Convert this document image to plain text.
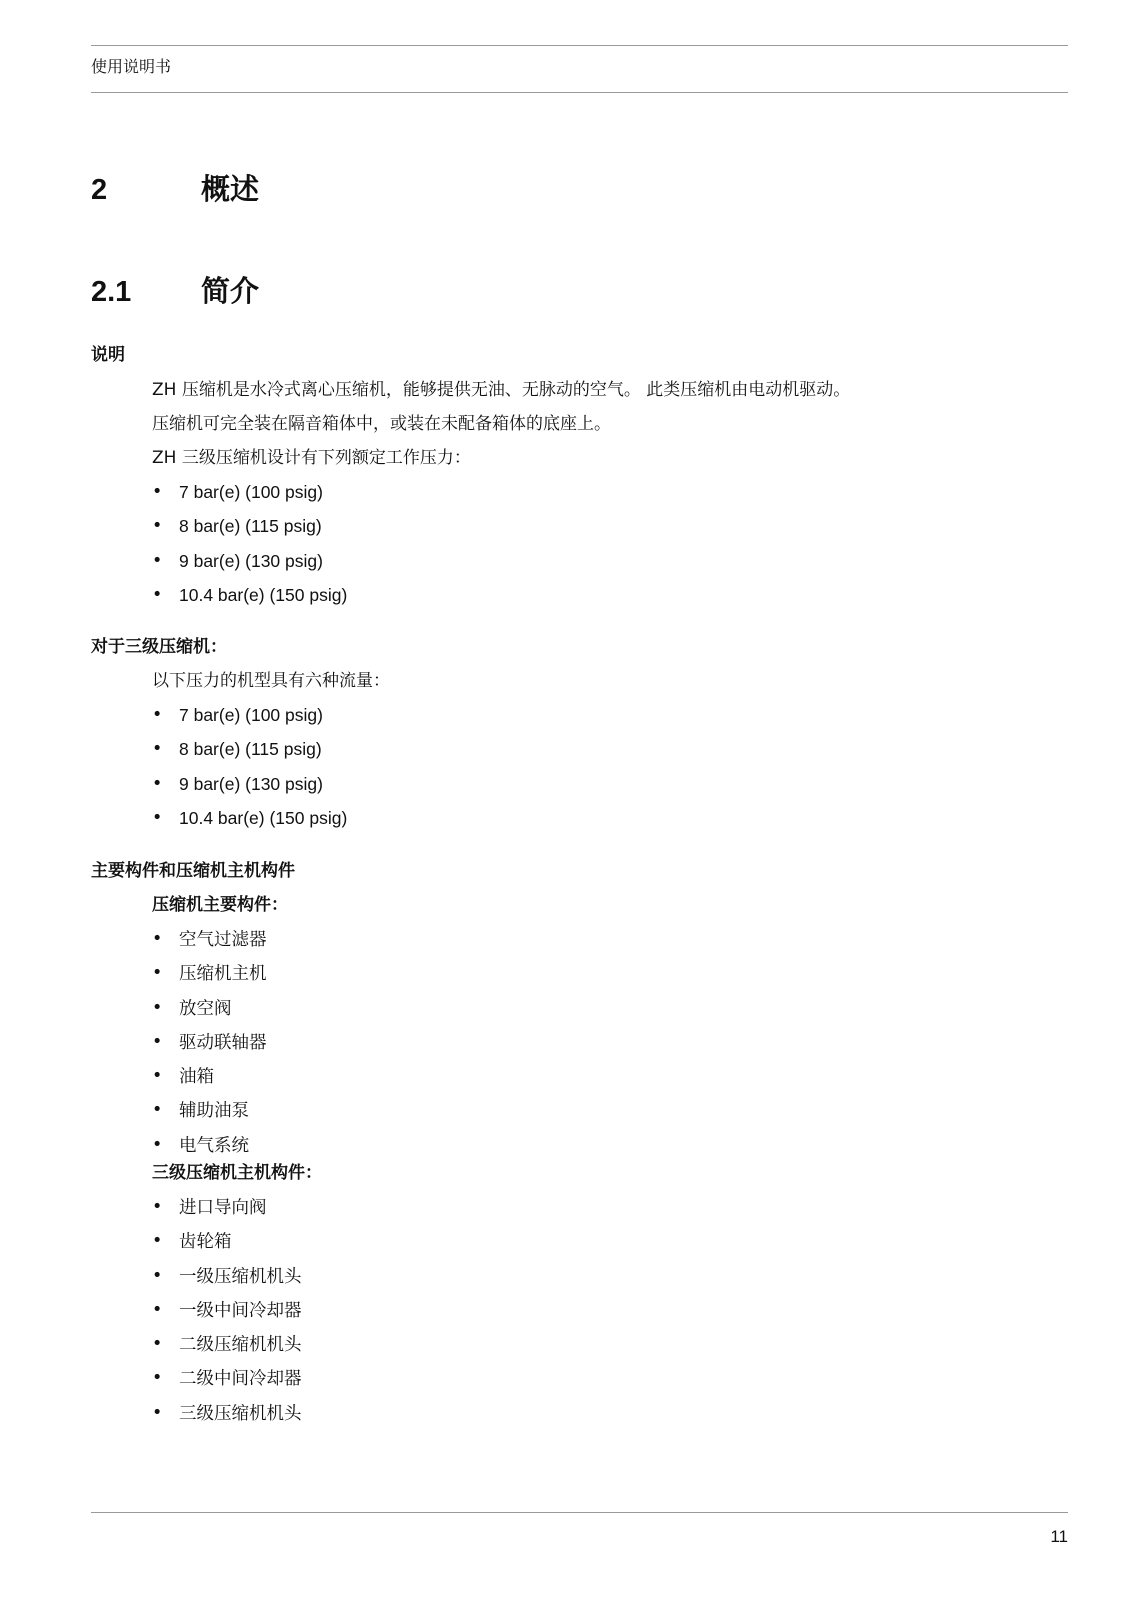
使用说明书
2	概述
2.1	简介
说明
ZH 压缩机是水冷式离心压缩机，能够提供无油、无脉动的空气。 此类压缩机由电动机驱动。
压缩机可完全装在隔音箱体中，或装在未配备箱体的底座上。
ZH 三级压缩机设计有下列额定工作压力：
• 7 bar(e) (100 psig)
• 8 bar(e) (115 psig)
• 9 bar(e) (130 psig)
• 10.4 bar(e) (150 psig)
对于三级压缩机：
以下压力的机型具有六种流量：
• 7 bar(e) (100 psig)
• 8 bar(e) (115 psig)
• 9 bar(e) (130 psig)
• 10.4 bar(e) (150 psig)
主要构件和压缩机主机构件
压缩机主要构件：
• 空气过滤器
• 压缩机主机
• 放空阀
• 驱动联轴器
• 油箱
• 辅助油泵
• 电气系统
三级压缩机主机构件：
• 进口导向阀
• 齿轮箱
• 一级压缩机机头
• 一级中间冷却器
• 二级压缩机机头
• 二级中间冷却器
• 三级压缩机机头
11
